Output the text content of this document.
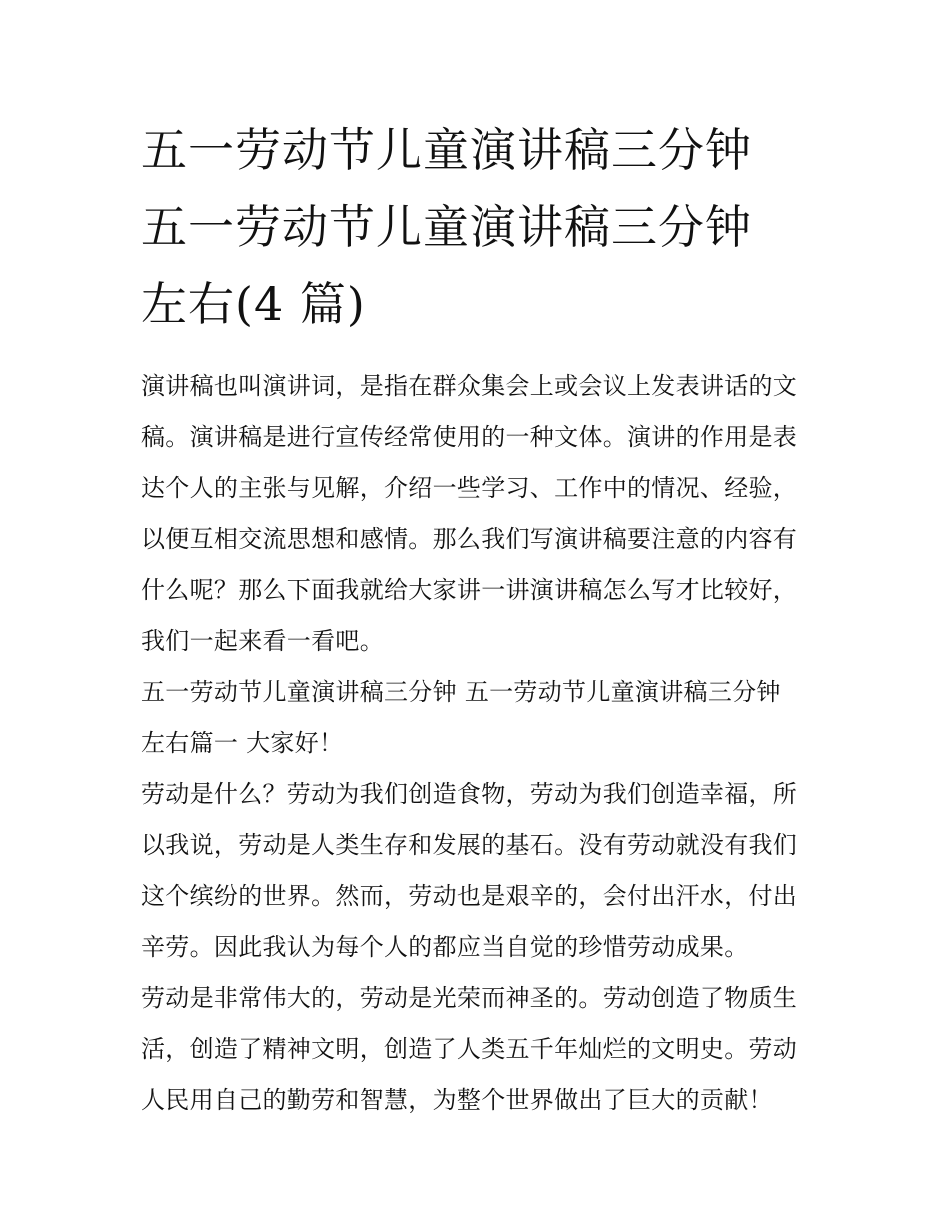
五一劳动节儿童演讲稿三分钟
五一劳动节儿童演讲稿三分钟
左右(4 篇)

演讲稿也叫演讲词，是指在群众集会上或会议上发表讲话的文
稿。演讲稿是进行宣传经常使用的一种文体。演讲的作用是表
达个人的主张与见解，介绍一些学习、工作中的情况、经验，
以便互相交流思想和感情。那么我们写演讲稿要注意的内容有
什么呢？那么下面我就给大家讲一讲演讲稿怎么写才比较好，
我们一起来看一看吧。

五一劳动节儿童演讲稿三分钟 五一劳动节儿童演讲稿三分钟
左右篇一 大家好！

劳动是什么？劳动为我们创造食物，劳动为我们创造幸福，所
以我说，劳动是人类生存和发展的基石。没有劳动就没有我们
这个缤纷的世界。然而，劳动也是艰辛的，会付出汗水，付出
辛劳。因此我认为每个人的都应当自觉的珍惜劳动成果。

劳动是非常伟大的，劳动是光荣而神圣的。劳动创造了物质生
活，创造了精神文明，创造了人类五千年灿烂的文明史。劳动
人民用自己的勤劳和智慧，为整个世界做出了巨大的贡献！
